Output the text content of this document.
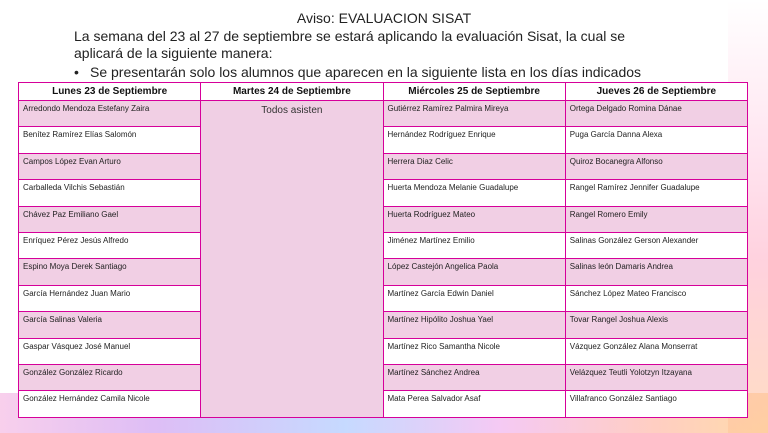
Aviso: EVALUACION SISAT
La semana del 23 al 27 de septiembre se estará aplicando la evaluación Sisat, la cual se aplicará de la siguiente manera:
• Se presentarán solo los alumnos que aparecen en la siguiente lista en los días indicados
Lunes 23 de Septiembre	Martes 24 de Septiembre	Miércoles 25 de Septiembre	Jueves 26 de Septiembre
Arredondo Mendoza Estefany Zaira	Todos asisten	Gutiérrez Ramírez Palmira Mireya	Ortega Delgado Romina Dánae
Benítez Ramírez Elías Salomón		Hernández Rodríguez Enrique	Puga García Danna Alexa
Campos López Evan Arturo		Herrera Diaz Celic	Quiroz Bocanegra Alfonso
Carballeda Vilchis Sebastián		Huerta Mendoza Melanie Guadalupe	Rangel Ramírez Jennifer Guadalupe
Chávez Paz Emiliano Gael		Huerta Rodríguez Mateo	Rangel Romero Emily
Enríquez Pérez Jesús Alfredo		Jiménez Martínez Emilio	Salinas González Gerson Alexander
Espino Moya Derek Santiago		López Castejón Angelica Paola	Salinas león Damaris Andrea
García Hernández Juan Mario		Martínez García Edwin Daniel	Sánchez López Mateo Francisco
García Salinas Valeria		Martínez Hipólito Joshua Yael	Tovar Rangel Joshua Alexis
Gaspar Vásquez José Manuel		Martínez Rico Samantha Nicole	Vázquez González Alana Monserrat
González González Ricardo		Martínez Sánchez Andrea	Velázquez Teutli Yolotzyn Itzayana
González Hernández Camila Nicole		Mata Perea Salvador Asaf	Villafranco González Santiago
